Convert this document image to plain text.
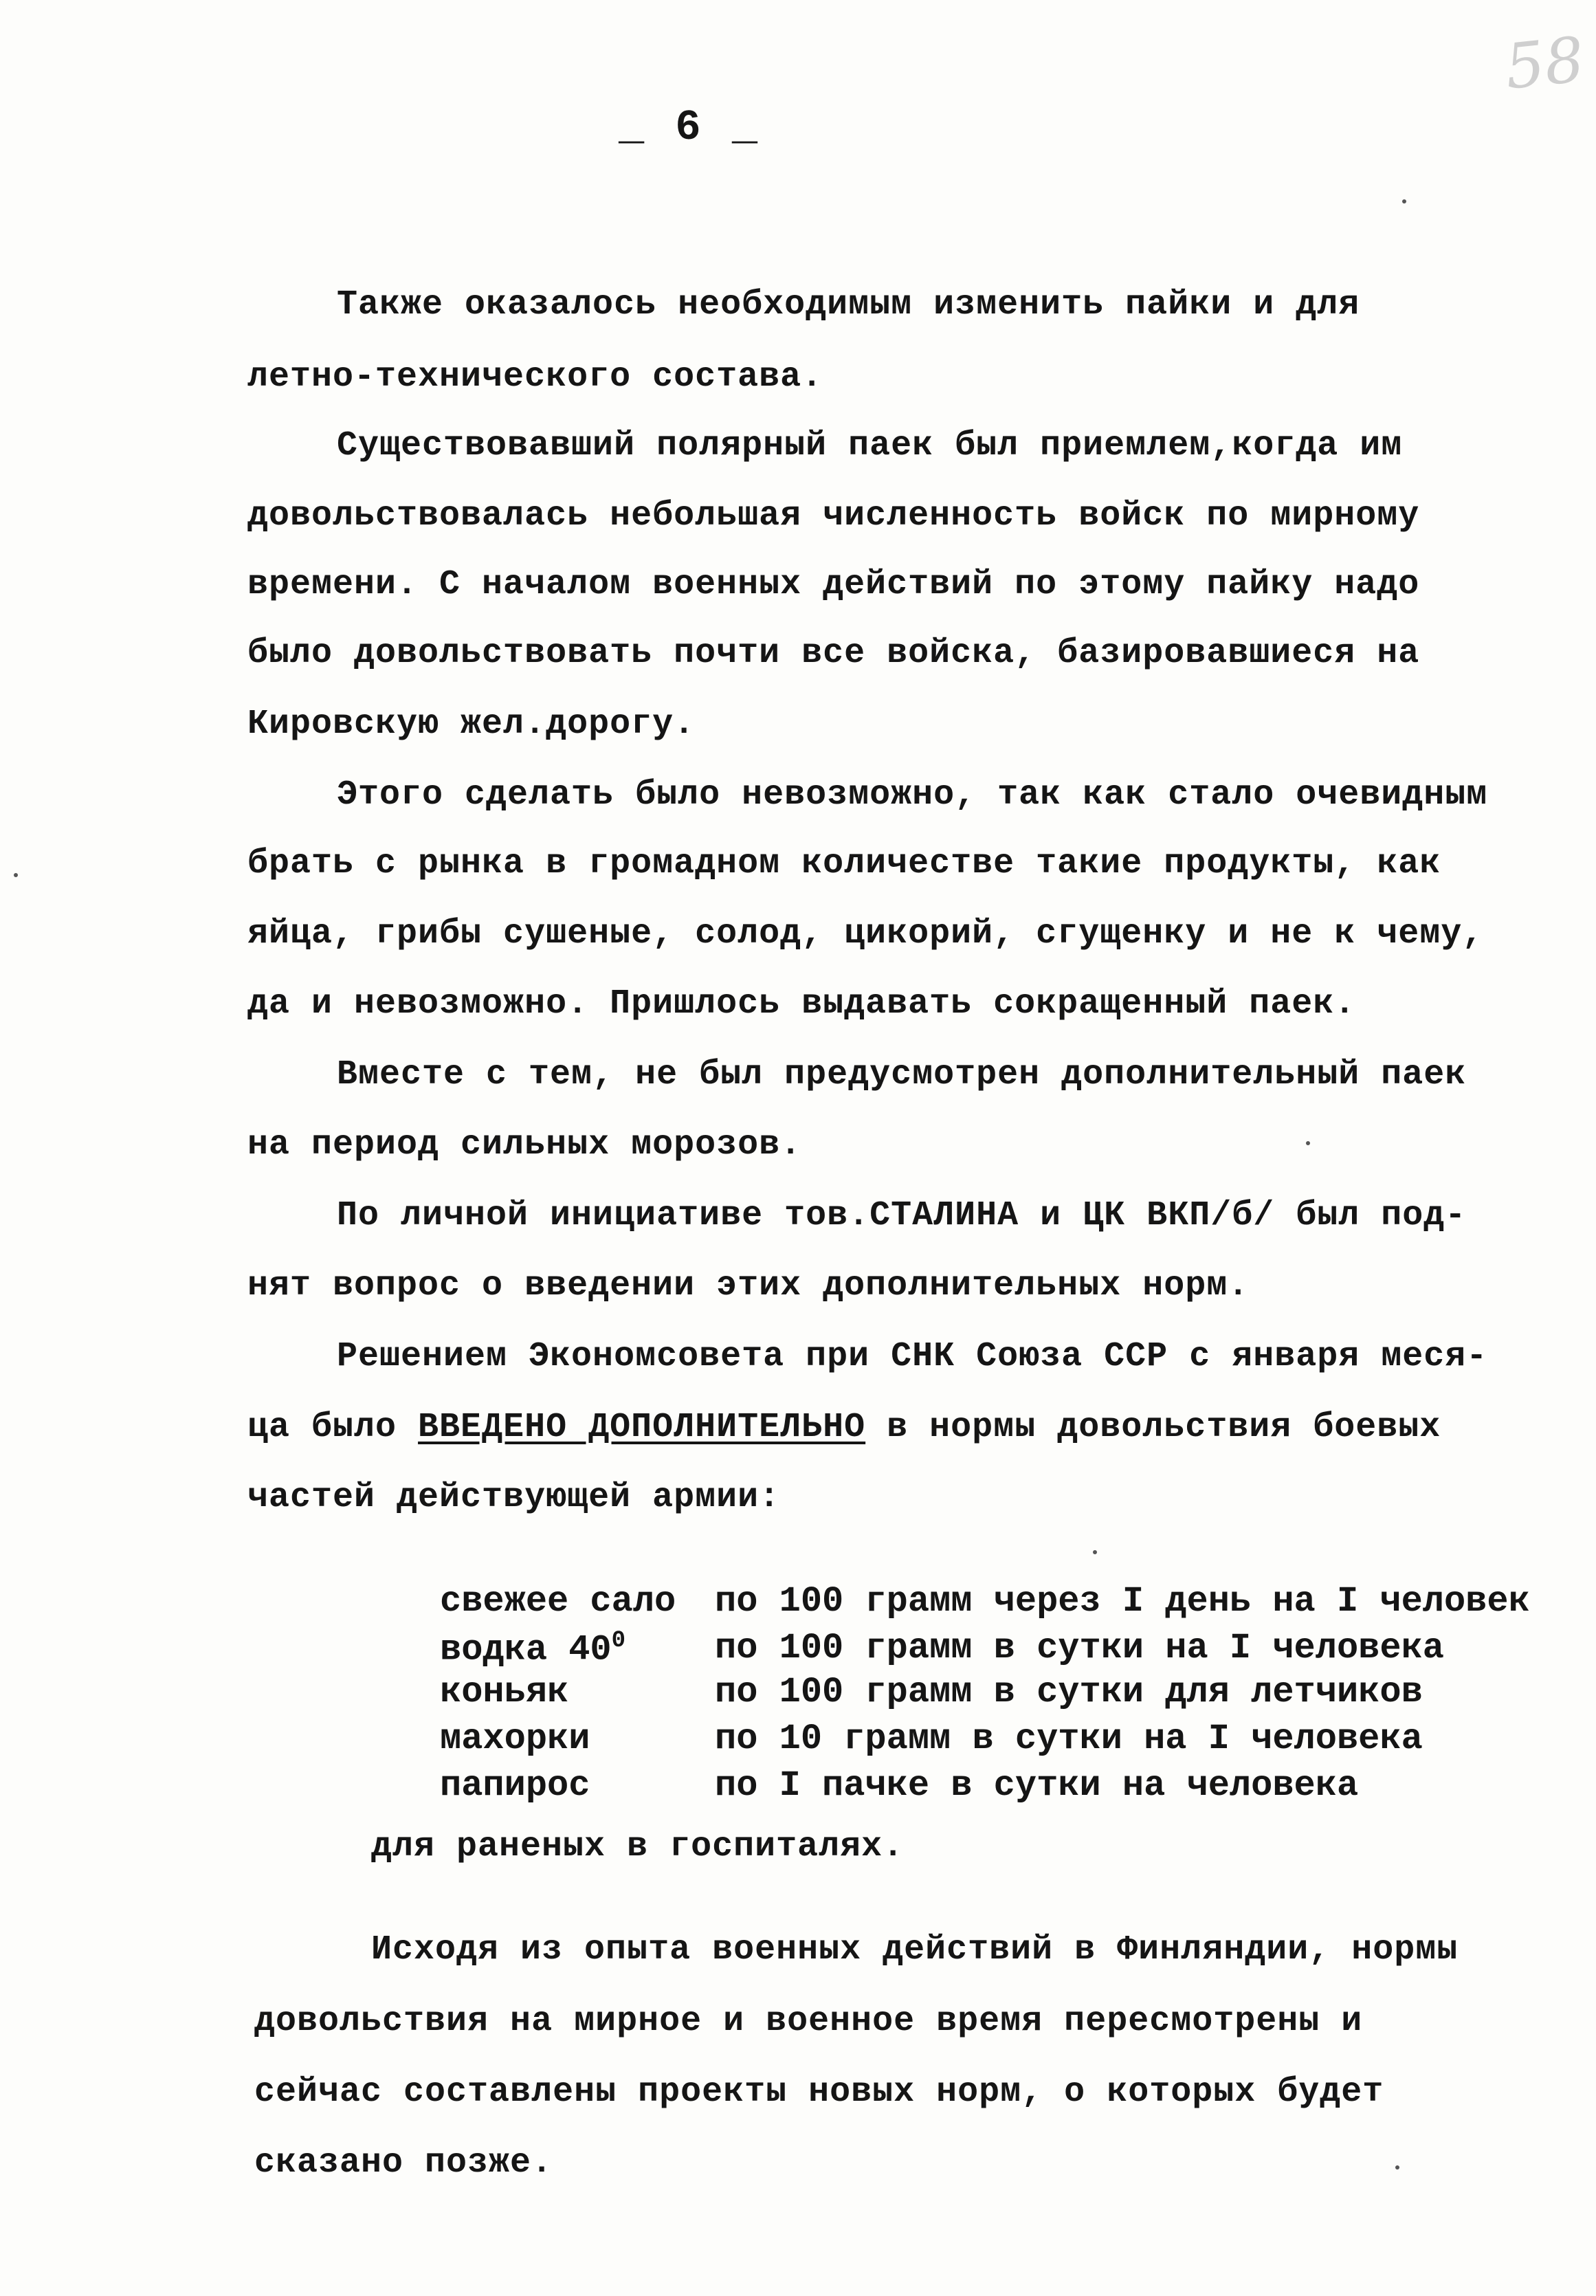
58
_ 6 _
Также оказалось необходимым изменить пайки и для
летно-технического состава.
Существовавший полярный паек был приемлем,когда им
довольствовалась небольшая численность войск по мирному
времени. С началом военных действий по этому пайку надо
было довольствовать почти все войска, базировавшиеся на
Кировскую жел.дорогу.
Этого сделать было невозможно, так как стало очевидным
брать с рынка в громадном количестве такие продукты, как
яйца, грибы сушеные, солод, цикорий, сгущенку и не к чему,
да и невозможно. Пришлось выдавать сокращенный паек.
Вместе с тем, не был предусмотрен дополнительный паек
на период сильных морозов.
По личной инициативе тов.СТАЛИНА и ЦК ВКП/б/ был под-
нят вопрос о введении этих дополнительных норм.
Решением Экономсовета при СНК Союза ССР с января меся-
ца было ВВЕДЕНО ДОПОЛНИТЕЛЬНО в нормы довольствия боевых
частей действующей армии:
свежее сало по 100 грамм через I день на I человек
водка $40^0$ по 100 грамм в сутки на I человека
коньяк	по 100 грамм в сутки для летчиков
махорки	по 10 грамм в сутки на I человека
папирос	по I пачке в сутки на человека
для раненых в госпиталях.
Исходя из опыта военных действий в Финляндии, нормы
довольствия на мирное и военное время пересмотрены и
сейчас составлены проекты новых норм, о которых будет
сказано позже.
